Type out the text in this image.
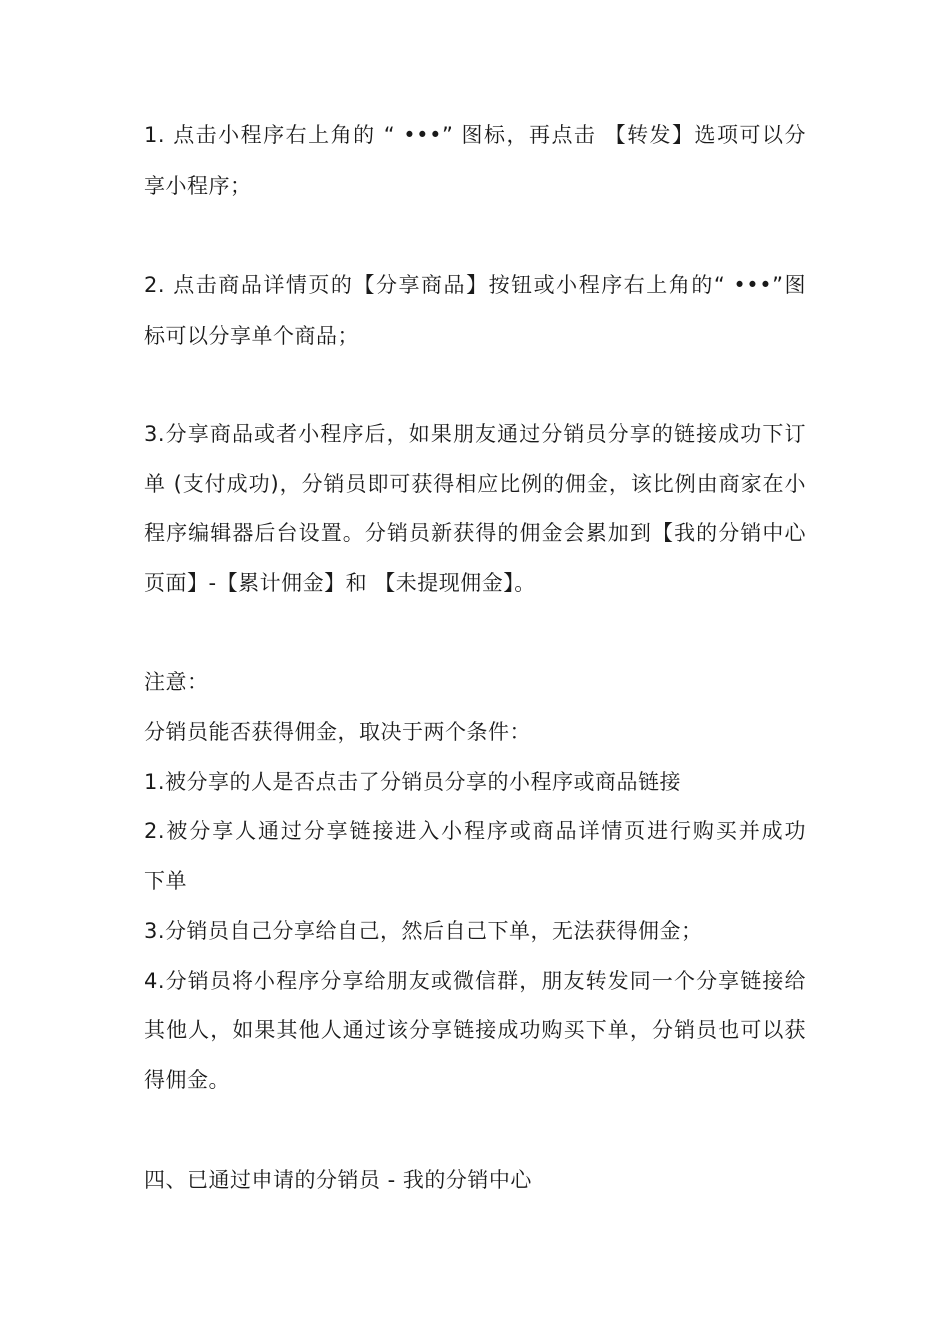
1. 点击小程序右上角的 “ •••” 图标，再点击 【转发】选项可以分
享小程序；
2. 点击商品详情页的【分享商品】按钮或小程序右上角的“ •••”图
标可以分享单个商品；
3.分享商品或者小程序后，如果朋友通过分销员分享的链接成功下订
单 (支付成功)，分销员即可获得相应比例的佣金，该比例由商家在小
程序编辑器后台设置。分销员新获得的佣金会累加到【我的分销中心
页面】-【累计佣金】和 【未提现佣金】。
注意：
分销员能否获得佣金，取决于两个条件：
1.被分享的人是否点击了分销员分享的小程序或商品链接
2.被分享人通过分享链接进入小程序或商品详情页进行购买并成功
下单
3.分销员自己分享给自己，然后自己下单，无法获得佣金；
4.分销员将小程序分享给朋友或微信群，朋友转发同一个分享链接给
其他人，如果其他人通过该分享链接成功购买下单，分销员也可以获
得佣金。
四、已通过申请的分销员 - 我的分销中心
